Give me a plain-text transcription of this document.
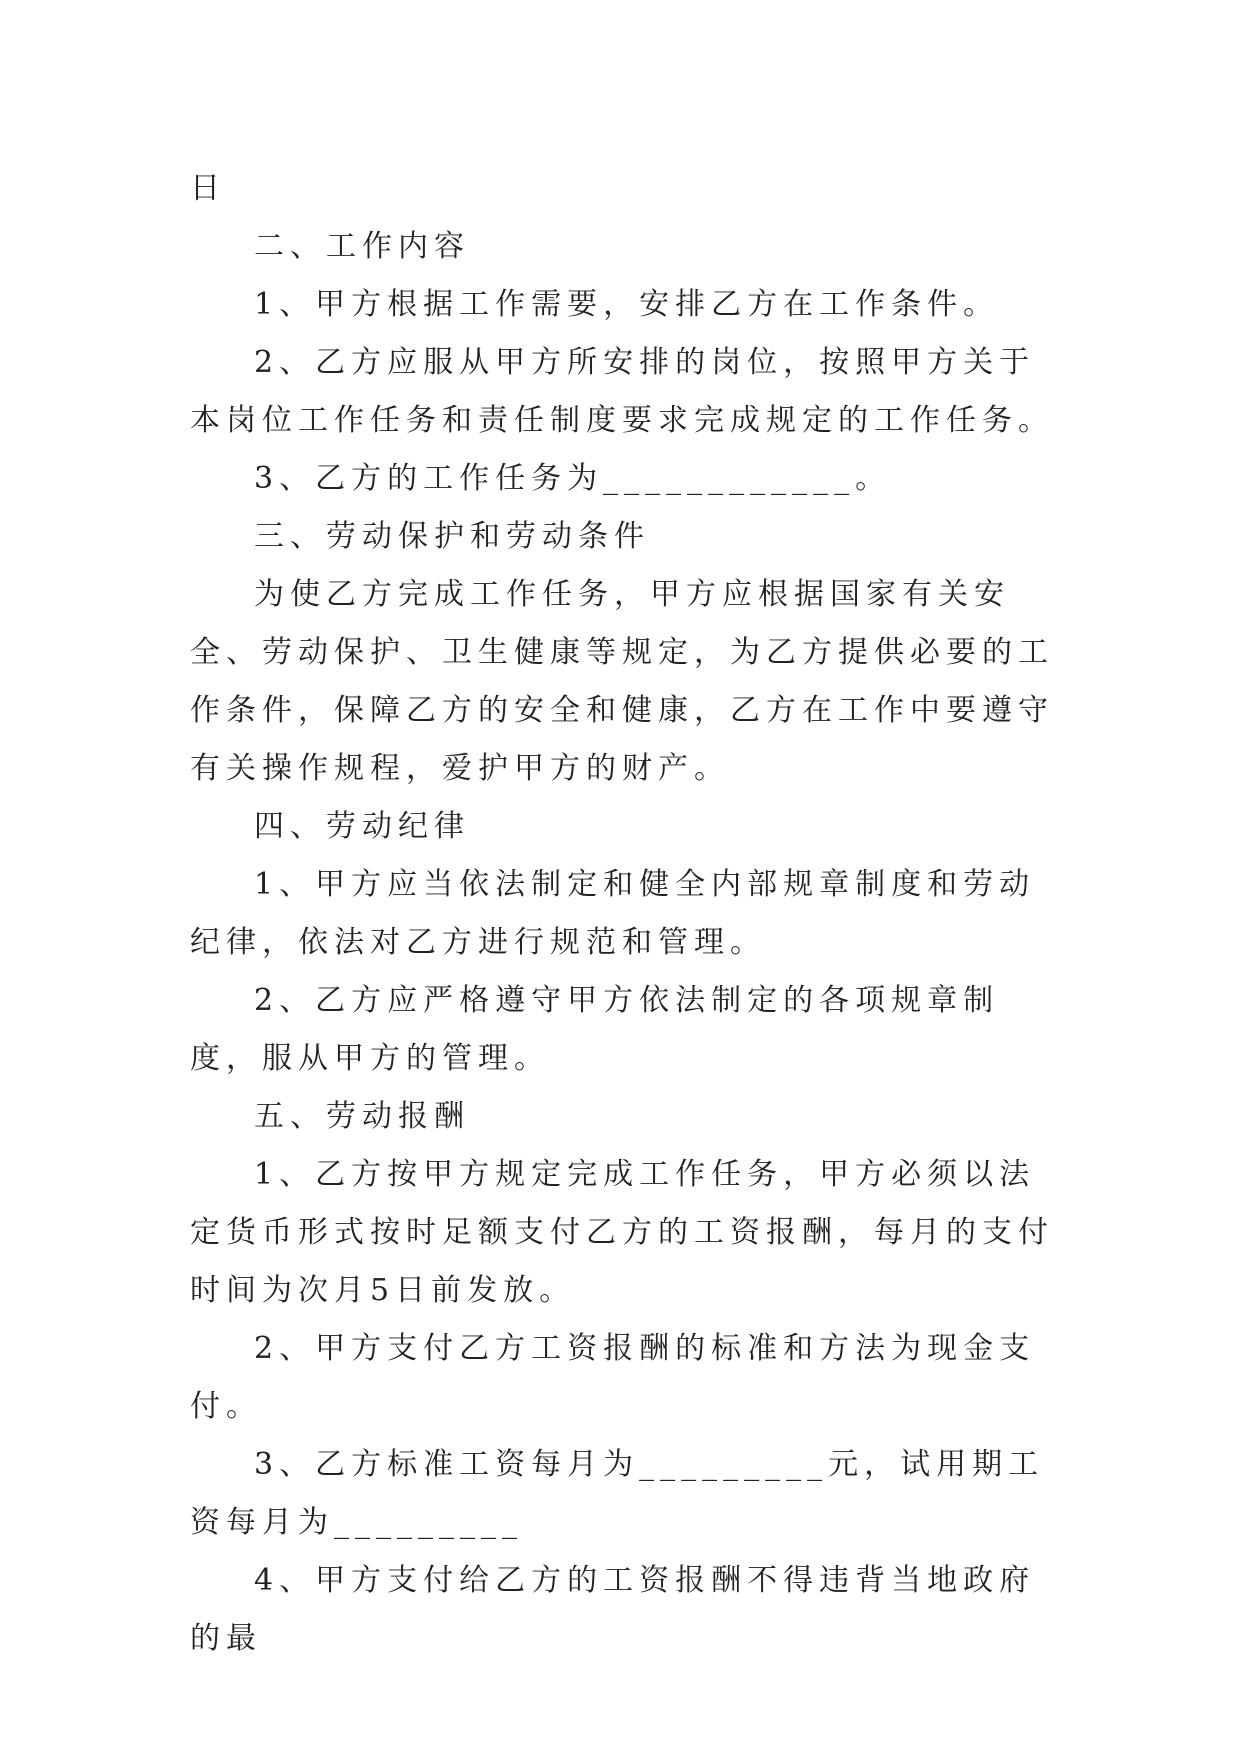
日

二、工作内容

1、甲方根据工作需要，安排乙方在工作条件。

2、乙方应服从甲方所安排的岗位，按照甲方关于本岗位工作任务和责任制度要求完成规定的工作任务。

3、乙方的工作任务为____________。

三、劳动保护和劳动条件

为使乙方完成工作任务，甲方应根据国家有关安全、劳动保护、卫生健康等规定，为乙方提供必要的工作条件，保障乙方的安全和健康，乙方在工作中要遵守有关操作规程，爱护甲方的财产。

四、劳动纪律

1、甲方应当依法制定和健全内部规章制度和劳动纪律，依法对乙方进行规范和管理。

2、乙方应严格遵守甲方依法制定的各项规章制度，服从甲方的管理。

五、劳动报酬

1、乙方按甲方规定完成工作任务，甲方必须以法定货币形式按时足额支付乙方的工资报酬，每月的支付时间为次月5日前发放。

2、甲方支付乙方工资报酬的标准和方法为现金支付。

3、乙方标准工资每月为_________元，试用期工资每月为_________

4、甲方支付给乙方的工资报酬不得违背当地政府的最
